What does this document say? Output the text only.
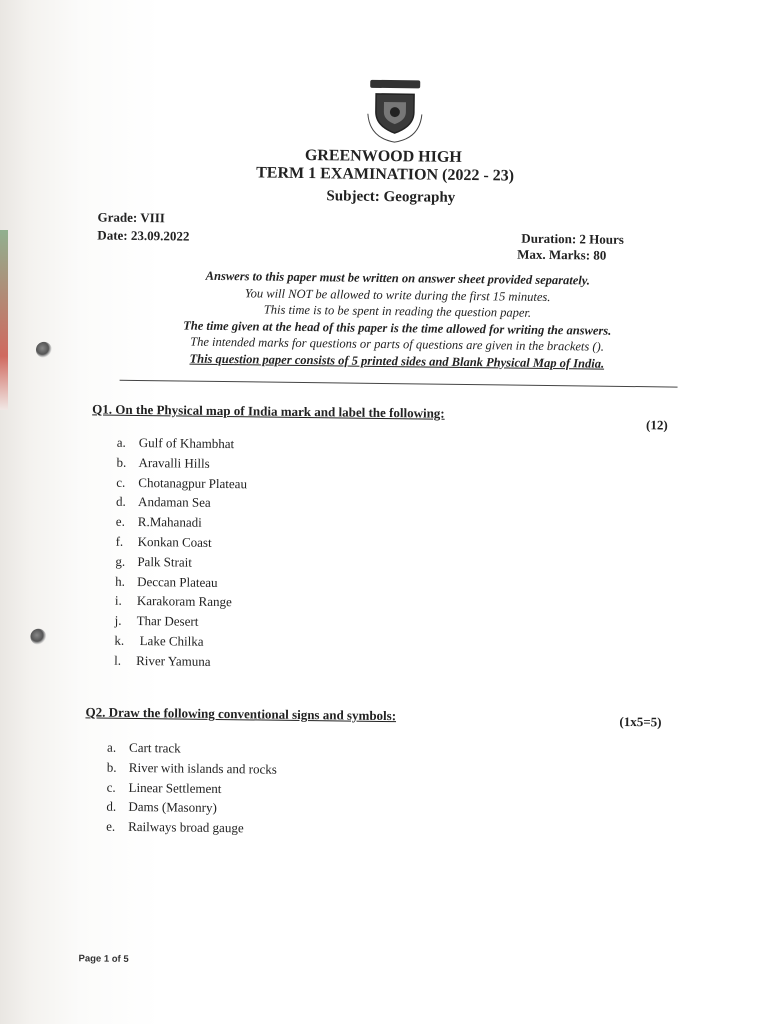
GREENWOOD HIGH
TERM 1 EXAMINATION (2022 - 23)
Subject: Geography
Grade: VIII
Date: 23.09.2022	Duration: 2 Hours
Max. Marks: 80
Answers to this paper must be written on answer sheet provided separately.
You will NOT be allowed to write during the first 15 minutes.
This time is to be spent in reading the question paper.
The time given at the head of this paper is the time allowed for writing the answers.
The intended marks for questions or parts of questions are given in the brackets ().
This question paper consists of 5 printed sides and Blank Physical Map of India.
Q1. On the Physical map of India mark and label the following:
(12)
a. Gulf of Khambhat
b. Aravalli Hills
c. Chotanagpur Plateau
d. Andaman Sea
e. R.Mahanadi
f. Konkan Coast
g. Palk Strait
h. Deccan Plateau
i. Karakoram Range
j. Thar Desert
k. Lake Chilka
l. River Yamuna
Q2. Draw the following conventional signs and symbols:	(1x5=5)
a. Cart track
b. River with islands and rocks
c. Linear Settlement
d. Dams (Masonry)
e. Railways broad gauge
Page 1 of 5
